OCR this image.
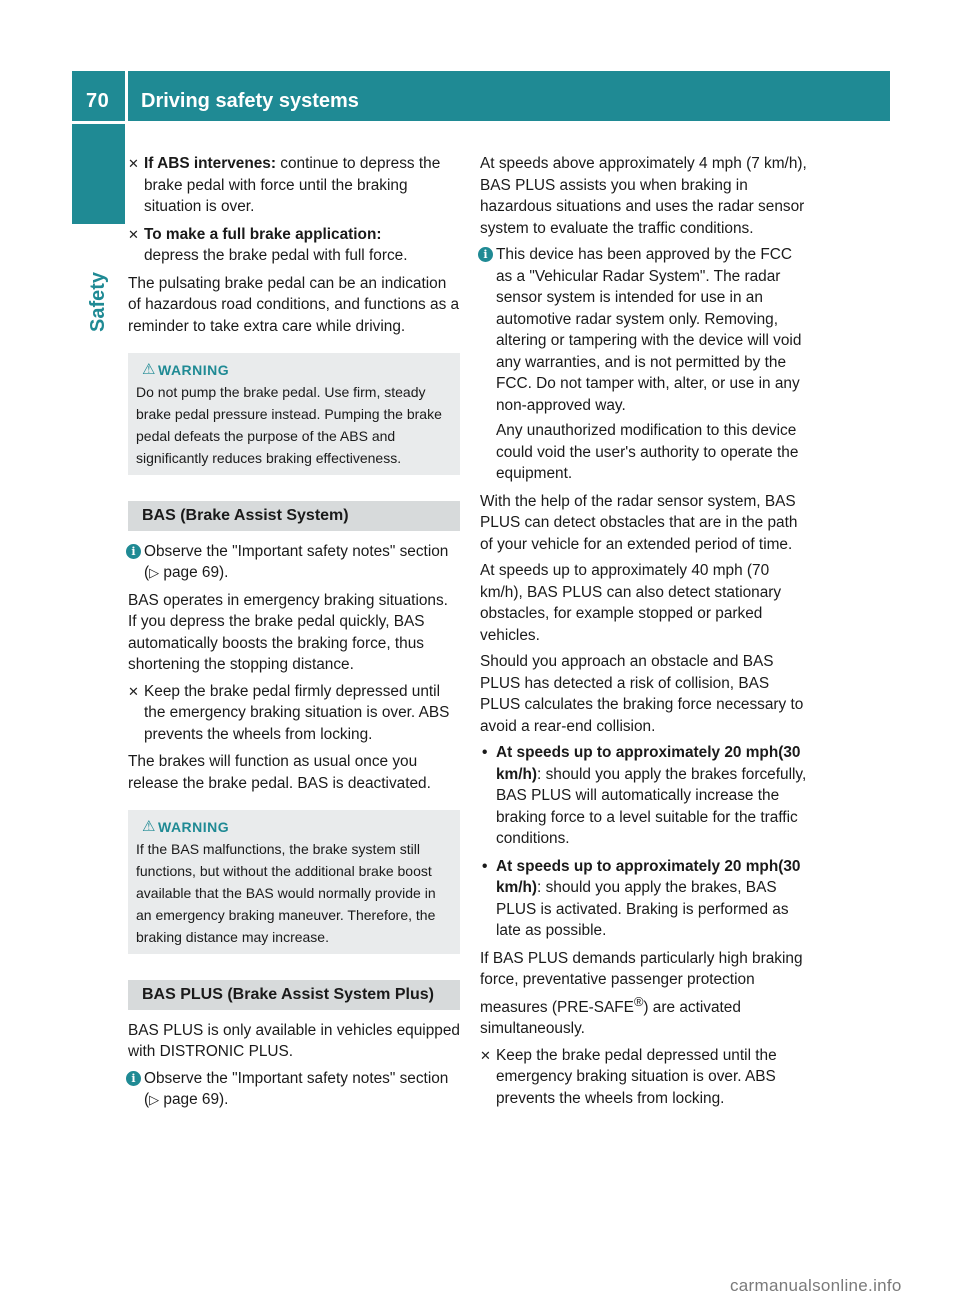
70 Driving safety systems
Safety
✕ If ABS intervenes: continue to depress the brake pedal with force until the braking situation is over.
✕ To make a full brake application:
depress the brake pedal with full force.

The pulsating brake pedal can be an indication of hazardous road conditions, and functions as a reminder to take extra care while driving.

⚠ WARNING
Do not pump the brake pedal. Use firm, steady brake pedal pressure instead. Pumping the brake pedal defeats the purpose of the ABS and significantly reduces braking effectiveness.
BAS (Brake Assist System)
i Observe the "Important safety notes" section (▷ page 69).

BAS operates in emergency braking situations. If you depress the brake pedal quickly, BAS automatically boosts the braking force, thus shortening the stopping distance.

✕ Keep the brake pedal firmly depressed until the emergency braking situation is over. ABS prevents the wheels from locking.

The brakes will function as usual once you release the brake pedal. BAS is deactivated.

⚠ WARNING
If the BAS malfunctions, the brake system still functions, but without the additional brake boost available that the BAS would normally provide in an emergency braking maneuver. Therefore, the braking distance may increase.
BAS PLUS (Brake Assist System Plus)

BAS PLUS is only available in vehicles equipped with DISTRONIC PLUS.

i Observe the "Important safety notes" section (▷ page 69).

At speeds above approximately 4 mph (7 km/h), BAS PLUS assists you when braking in hazardous situations and uses the radar sensor system to evaluate the traffic conditions.

i This device has been approved by the FCC as a "Vehicular Radar System". The radar sensor system is intended for use in an automotive radar system only. Removing, altering or tampering with the device will void any warranties, and is not permitted by the FCC. Do not tamper with, alter, or use in any non-approved way.
Any unauthorized modification to this device could void the user's authority to operate the equipment.

With the help of the radar sensor system, BAS PLUS can detect obstacles that are in the path of your vehicle for an extended period of time.

At speeds up to approximately 40 mph (70 km/h), BAS PLUS can also detect stationary obstacles, for example stopped or parked vehicles.

Should you approach an obstacle and BAS PLUS has detected a risk of collision, BAS PLUS calculates the braking force necessary to avoid a rear-end collision.

• At speeds up to approximately 20 mph(30 km/h): should you apply the brakes forcefully, BAS PLUS will automatically increase the braking force to a level suitable for the traffic conditions.
• At speeds up to approximately 20 mph(30 km/h): should you apply the brakes, BAS PLUS is activated. Braking is performed as late as possible.

If BAS PLUS demands particularly high braking force, preventative passenger protection measures (PRE-SAFE®) are activated simultaneously.

✕ Keep the brake pedal depressed until the emergency braking situation is over. ABS prevents the wheels from locking.
carmanualsonline.info
